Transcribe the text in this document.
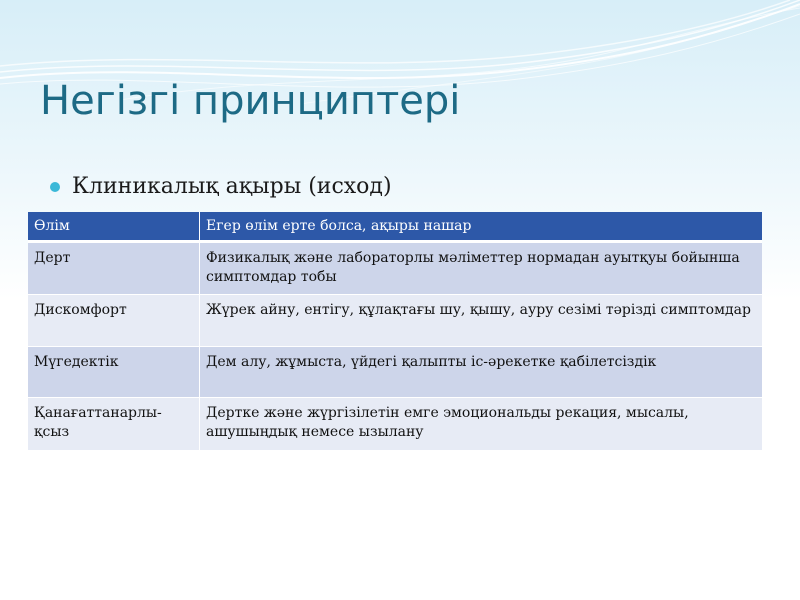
Негізгі принциптері
Клиникалық ақыры (исход)
Өлім	Егер өлім ерте болса, ақыры нашар
Дерт	Физикалық және лабораторлы мәліметтер нормадан ауытқуы бойынша симптомдар тобы
Дискомфорт	Жүрек айну, ентігу, құлақтағы шу, қышу, ауру сезімі тәрізді симптомдар
Мүгедектік	Дем алу, жұмыста, үйдегі қалыпты іс-әрекетке қабілетсіздік
Қанағаттанарлы-қсыз	Дертке және жүргізілетін емге эмоциональды рекация, мысалы, ашушыңдық немесе ызылану
